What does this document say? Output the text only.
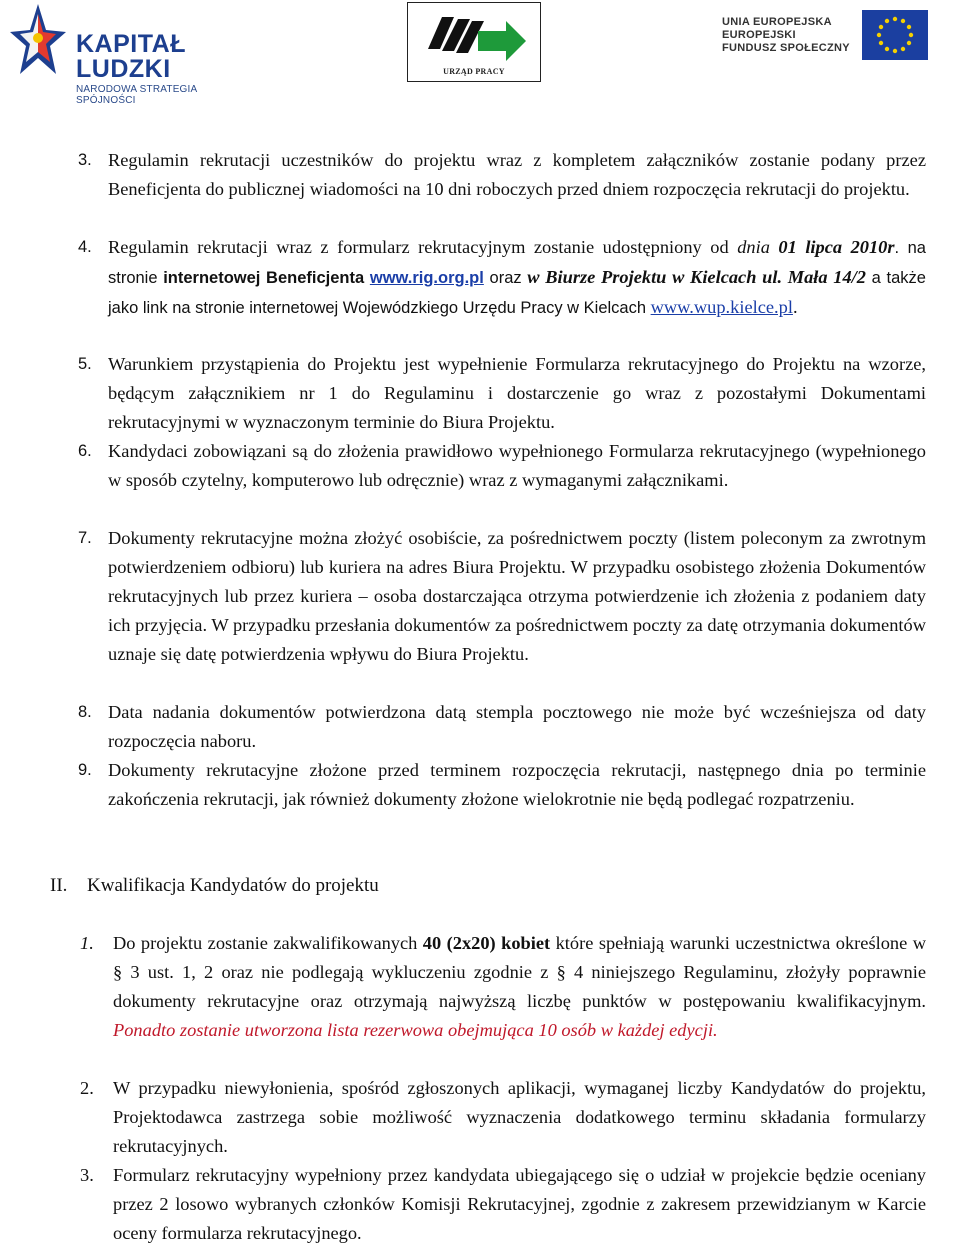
KAPITAŁ LUDZKI
NARODOWA STRATEGIA SPÓJNOŚCI
URZĄD PRACY
UNIA EUROPEJSKA
EUROPEJSKI
FUNDUSZ SPOŁECZNY
3. Regulamin rekrutacji uczestników do projektu wraz z kompletem załączników zostanie podany przez Beneficjenta do publicznej wiadomości na 10 dni roboczych przed dniem rozpoczęcia rekrutacji do projektu.
4. Regulamin rekrutacji wraz z formularz rekrutacyjnym zostanie udostępniony od dnia 01 lipca 2010r. na stronie internetowej Beneficjenta www.rig.org.pl oraz w Biurze Projektu w Kielcach ul. Mała 14/2 a także jako link na stronie internetowej Wojewódzkiego Urzędu Pracy w Kielcach www.wup.kielce.pl.
5. Warunkiem przystąpienia do Projektu jest wypełnienie Formularza rekrutacyjnego do Projektu na wzorze, będącym załącznikiem nr 1 do Regulaminu i dostarczenie go wraz z pozostałymi Dokumentami rekrutacyjnymi w wyznaczonym terminie do Biura Projektu.
6. Kandydaci zobowiązani są do złożenia prawidłowo wypełnionego Formularza rekrutacyjnego (wypełnionego w sposób czytelny, komputerowo lub odręcznie) wraz z wymaganymi załącznikami.
7. Dokumenty rekrutacyjne można złożyć osobiście, za pośrednictwem poczty (listem poleconym za zwrotnym potwierdzeniem odbioru) lub kuriera na adres Biura Projektu. W przypadku osobistego złożenia Dokumentów rekrutacyjnych lub przez kuriera – osoba dostarczająca otrzyma potwierdzenie ich złożenia z podaniem daty ich przyjęcia. W przypadku przesłania dokumentów za pośrednictwem poczty za datę otrzymania dokumentów uznaje się datę potwierdzenia wpływu do Biura Projektu.
8. Data nadania dokumentów potwierdzona datą stempla pocztowego nie może być wcześniejsza od daty rozpoczęcia naboru.
9. Dokumenty rekrutacyjne złożone przed terminem rozpoczęcia rekrutacji, następnego dnia po terminie zakończenia rekrutacji, jak również dokumenty złożone wielokrotnie nie będą podlegać rozpatrzeniu.
II. Kwalifikacja Kandydatów do projektu
1. Do projektu zostanie zakwalifikowanych 40 (2x20) kobiet które spełniają warunki uczestnictwa określone w § 3 ust. 1, 2 oraz nie podlegają wykluczeniu zgodnie z § 4 niniejszego Regulaminu, złożyły poprawnie dokumenty rekrutacyjne oraz otrzymają najwyższą liczbę punktów w postępowaniu kwalifikacyjnym. Ponadto zostanie utworzona lista rezerwowa obejmująca 10 osób w każdej edycji.
2. W przypadku niewyłonienia, spośród zgłoszonych aplikacji, wymaganej liczby Kandydatów do projektu, Projektodawca zastrzega sobie możliwość wyznaczenia dodatkowego terminu składania formularzy rekrutacyjnych.
3. Formularz rekrutacyjny wypełniony przez kandydata ubiegającego się o udział w projekcie będzie oceniany przez 2 losowo wybranych członków Komisji Rekrutacyjnej, zgodnie z zakresem przewidzianym w Karcie oceny formularza rekrutacyjnego.
